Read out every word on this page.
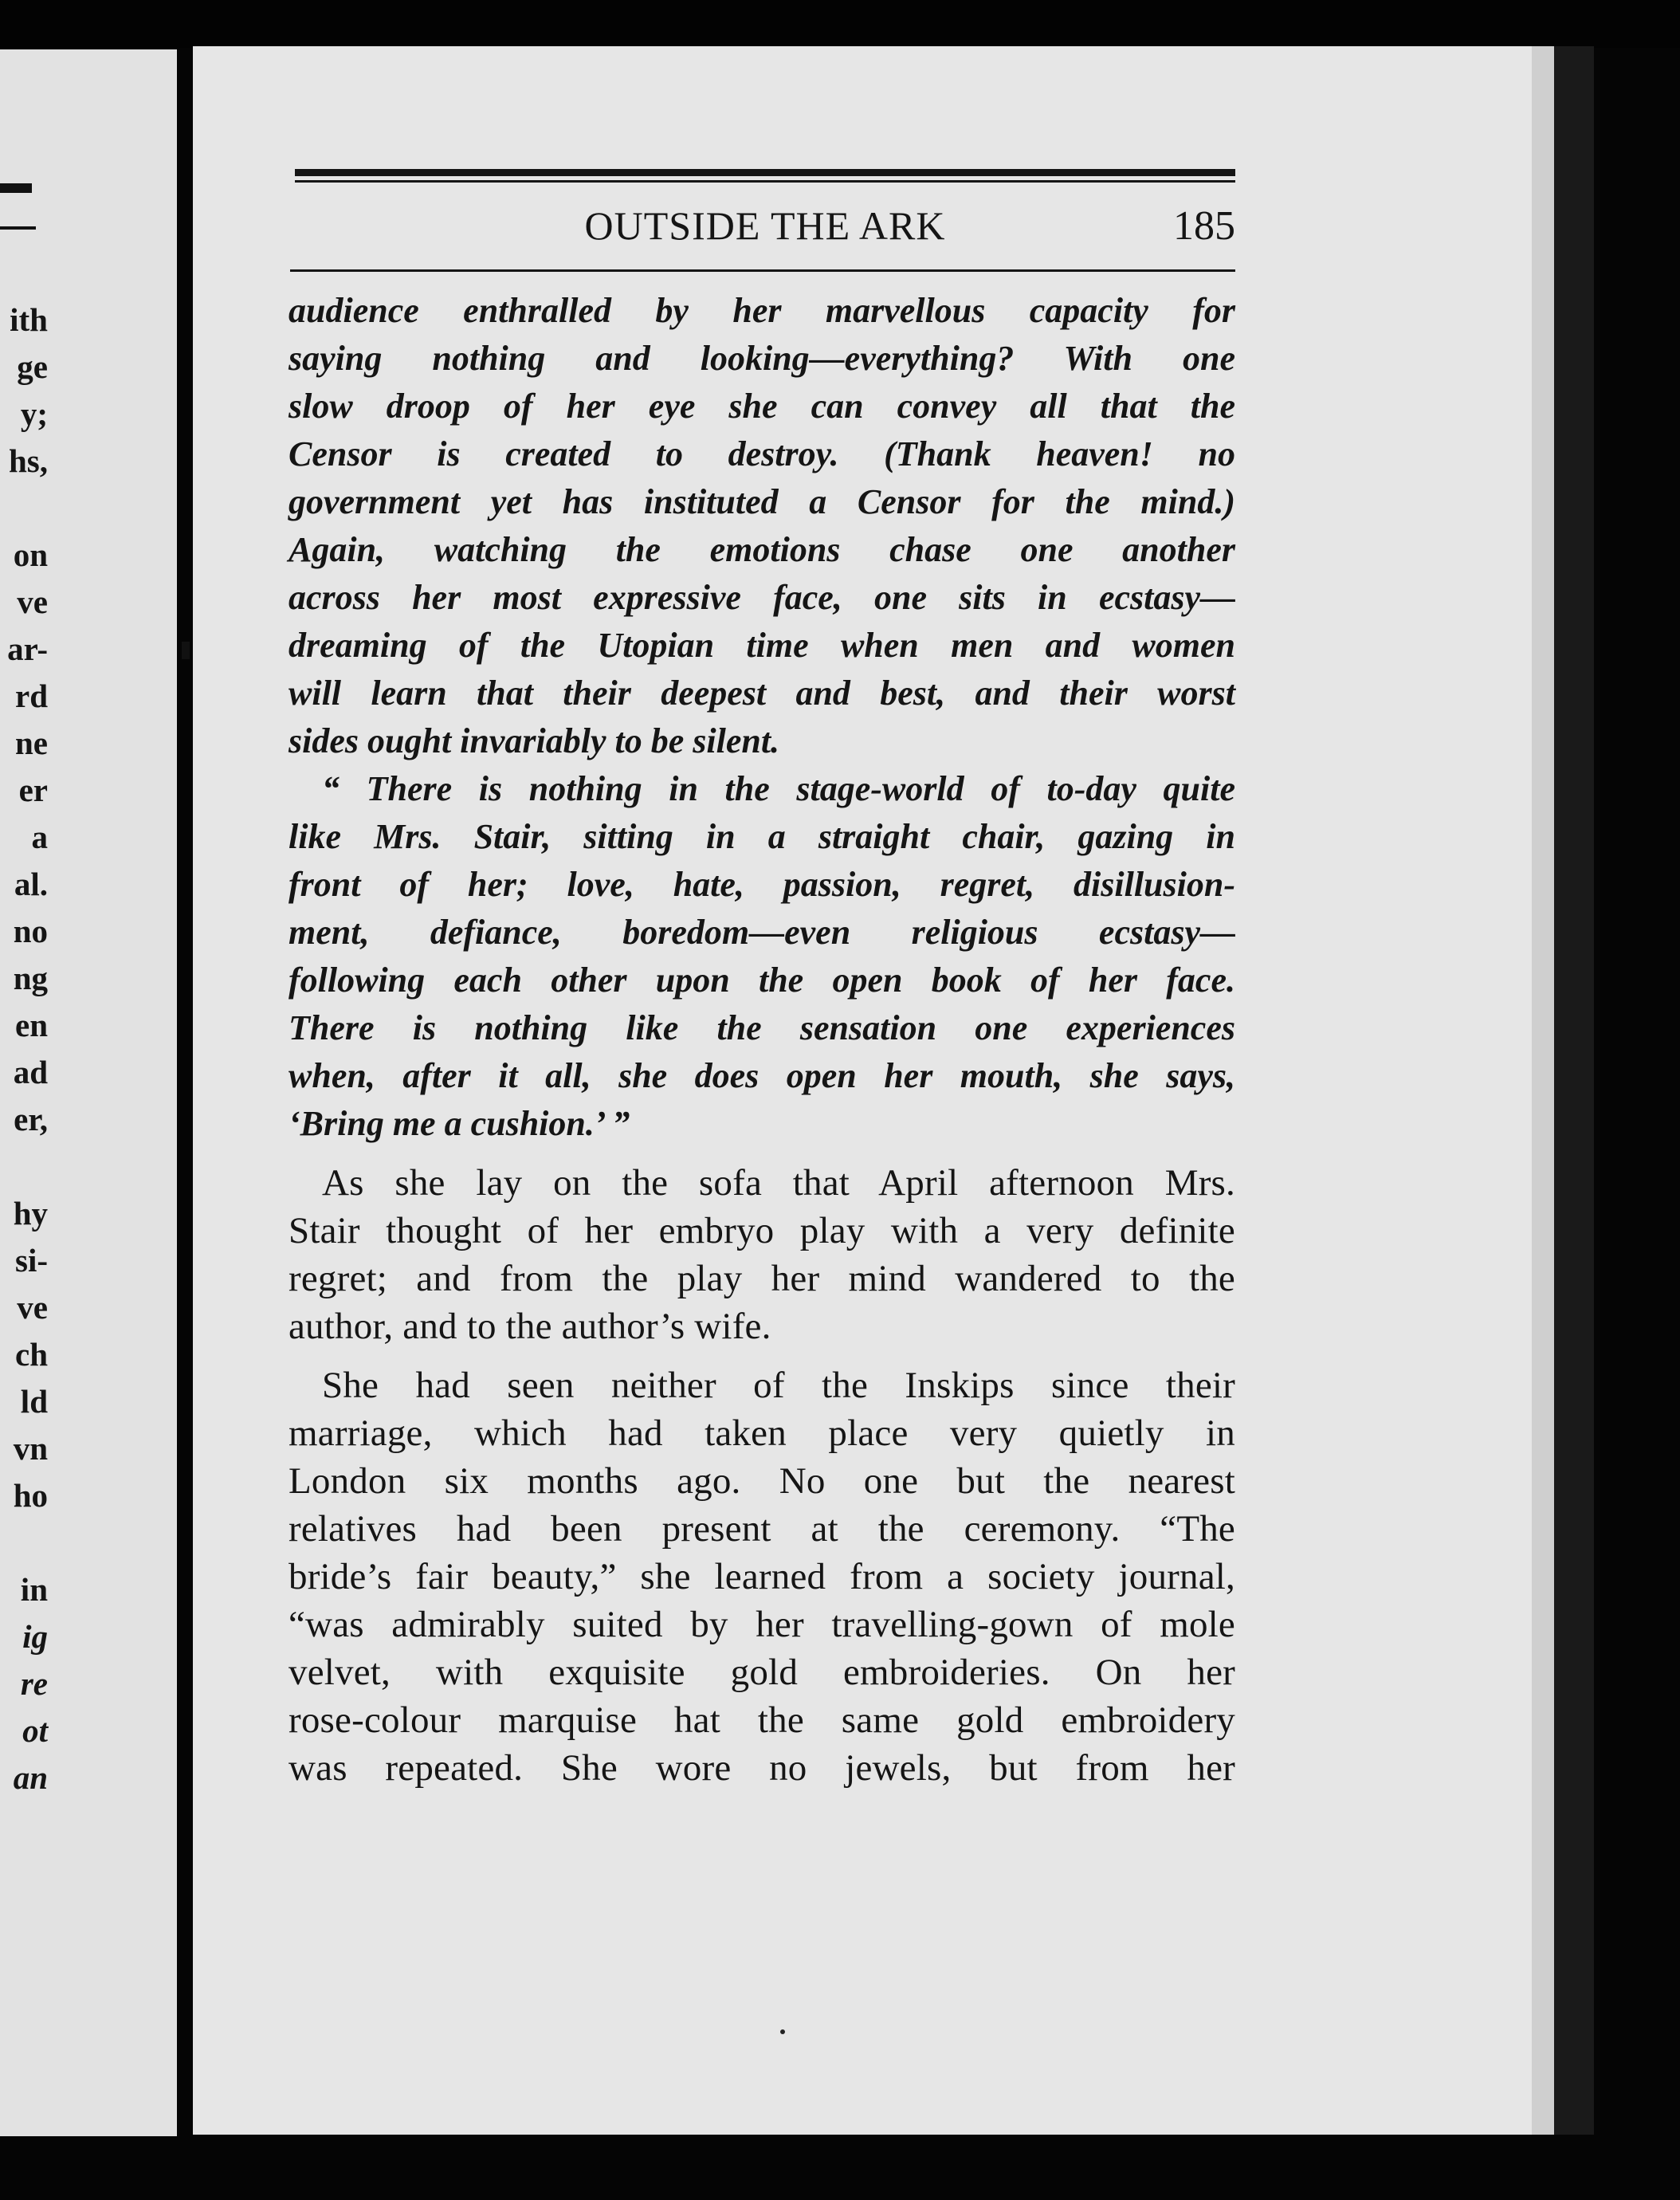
ith
ge
y;
hs,
on
ve
ar-
rd
ne
er
a
al.
no
ng
en
ad
er,
hy
si-
ve
ch
ld
vn
ho
in
ig
re
ot
an
OUTSIDE THE ARK	185
audience enthralled by her marvellous capacity for
saying nothing and looking—everything? With one
slow droop of her eye she can convey all that the
Censor is created to destroy. (Thank heaven! no
government yet has instituted a Censor for the mind.)
Again, watching the emotions chase one another
across her most expressive face, one sits in ecstasy—
dreaming of the Utopian time when men and women
will learn that their deepest and best, and their worst
sides ought invariably to be silent.
“ There is nothing in the stage-world of to-day quite
like Mrs. Stair, sitting in a straight chair, gazing in
front of her; love, hate, passion, regret, disillusion-
ment, defiance, boredom—even religious ecstasy—
following each other upon the open book of her face.
There is nothing like the sensation one experiences
when, after it all, she does open her mouth, she says,
‘Bring me a cushion.’ ”
As she lay on the sofa that April afternoon Mrs.
Stair thought of her embryo play with a very definite
regret; and from the play her mind wandered to the
author, and to the author’s wife.
She had seen neither of the Inskips since their
marriage, which had taken place very quietly in
London six months ago. No one but the nearest
relatives had been present at the ceremony. “The
bride’s fair beauty,” she learned from a society journal,
“was admirably suited by her travelling-gown of mole
velvet, with exquisite gold embroideries. On her
rose-colour marquise hat the same gold embroidery
was repeated. She wore no jewels, but from her
